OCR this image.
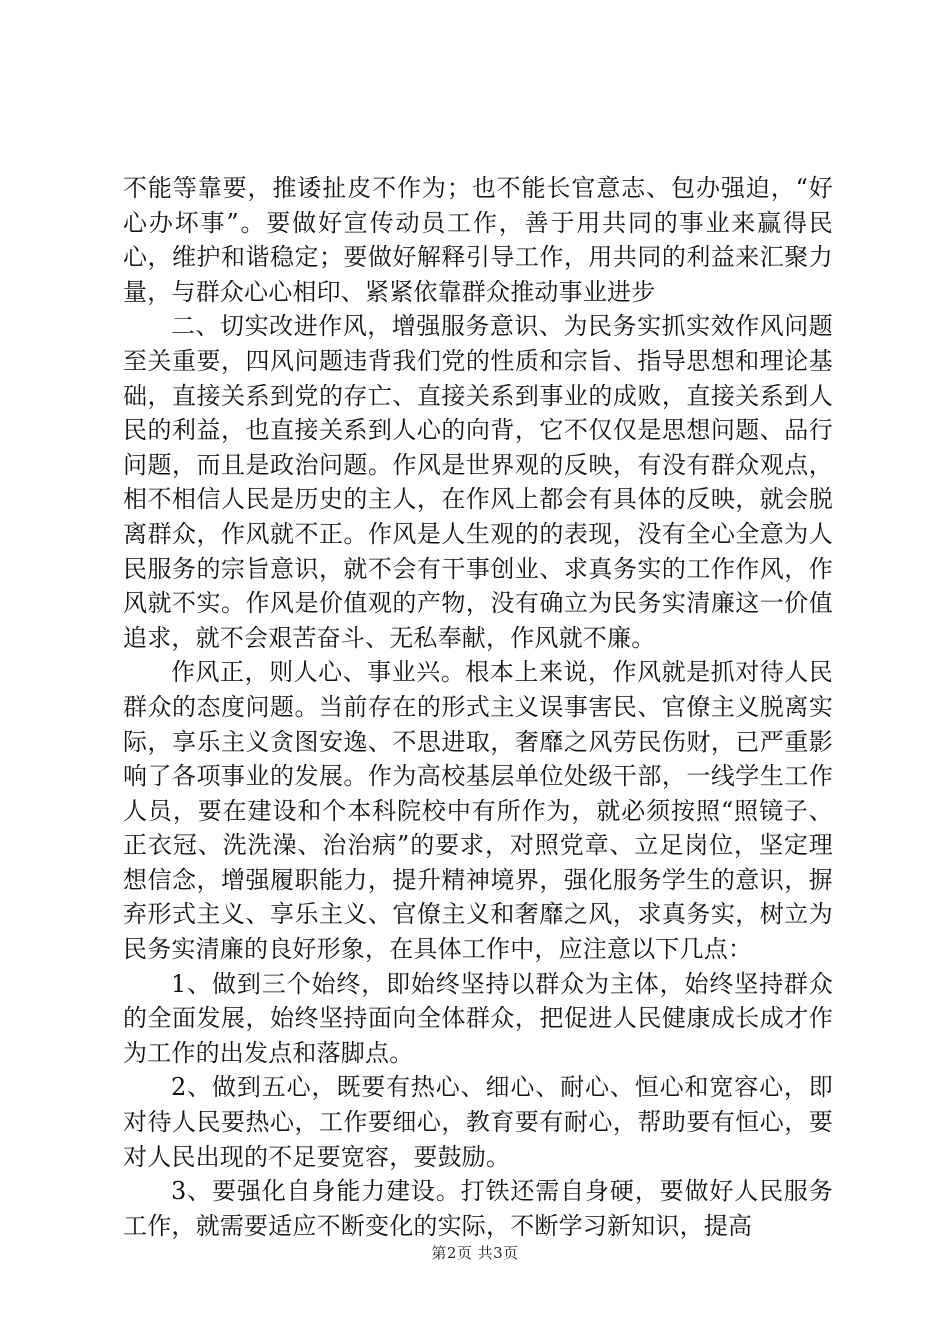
不能等靠要，推诿扯皮不作为；也不能长官意志、包办强迫，“好心办坏事”。要做好宣传动员工作，善于用共同的事业来赢得民心，维护和谐稳定；要做好解释引导工作，用共同的利益来汇聚力量，与群众心心相印、紧紧依靠群众推动事业进步

二、切实改进作风，增强服务意识、为民务实抓实效作风问题至关重要，四风问题违背我们党的性质和宗旨、指导思想和理论基础，直接关系到党的存亡、直接关系到事业的成败，直接关系到人民的利益，也直接关系到人心的向背，它不仅仅是思想问题、品行问题，而且是政治问题。作风是世界观的反映，有没有群众观点，相不相信人民是历史的主人，在作风上都会有具体的反映，就会脱离群众，作风就不正。作风是人生观的的表现，没有全心全意为人民服务的宗旨意识，就不会有干事创业、求真务实的工作作风，作风就不实。作风是价值观的产物，没有确立为民务实清廉这一价值追求，就不会艰苦奋斗、无私奉献，作风就不廉。

作风正，则人心、事业兴。根本上来说，作风就是抓对待人民群众的态度问题。当前存在的形式主义误事害民、官僚主义脱离实际，享乐主义贪图安逸、不思进取，奢靡之风劳民伤财，已严重影响了各项事业的发展。作为高校基层单位处级干部，一线学生工作人员，要在建设和个本科院校中有所作为，就必须按照“照镜子、正衣冠、洗洗澡、治治病”的要求，对照党章、立足岗位，坚定理想信念，增强履职能力，提升精神境界，强化服务学生的意识，摒弃形式主义、享乐主义、官僚主义和奢靡之风，求真务实，树立为民务实清廉的良好形象，在具体工作中，应注意以下几点：

1、做到三个始终，即始终坚持以群众为主体，始终坚持群众的全面发展，始终坚持面向全体群众，把促进人民健康成长成才作为工作的出发点和落脚点。

2、做到五心，既要有热心、细心、耐心、恒心和宽容心，即对待人民要热心，工作要细心，教育要有耐心，帮助要有恒心，要对人民出现的不足要宽容，要鼓励。

3、要强化自身能力建设。打铁还需自身硬，要做好人民服务工作，就需要适应不断变化的实际，不断学习新知识，提高

第2页 共3页
